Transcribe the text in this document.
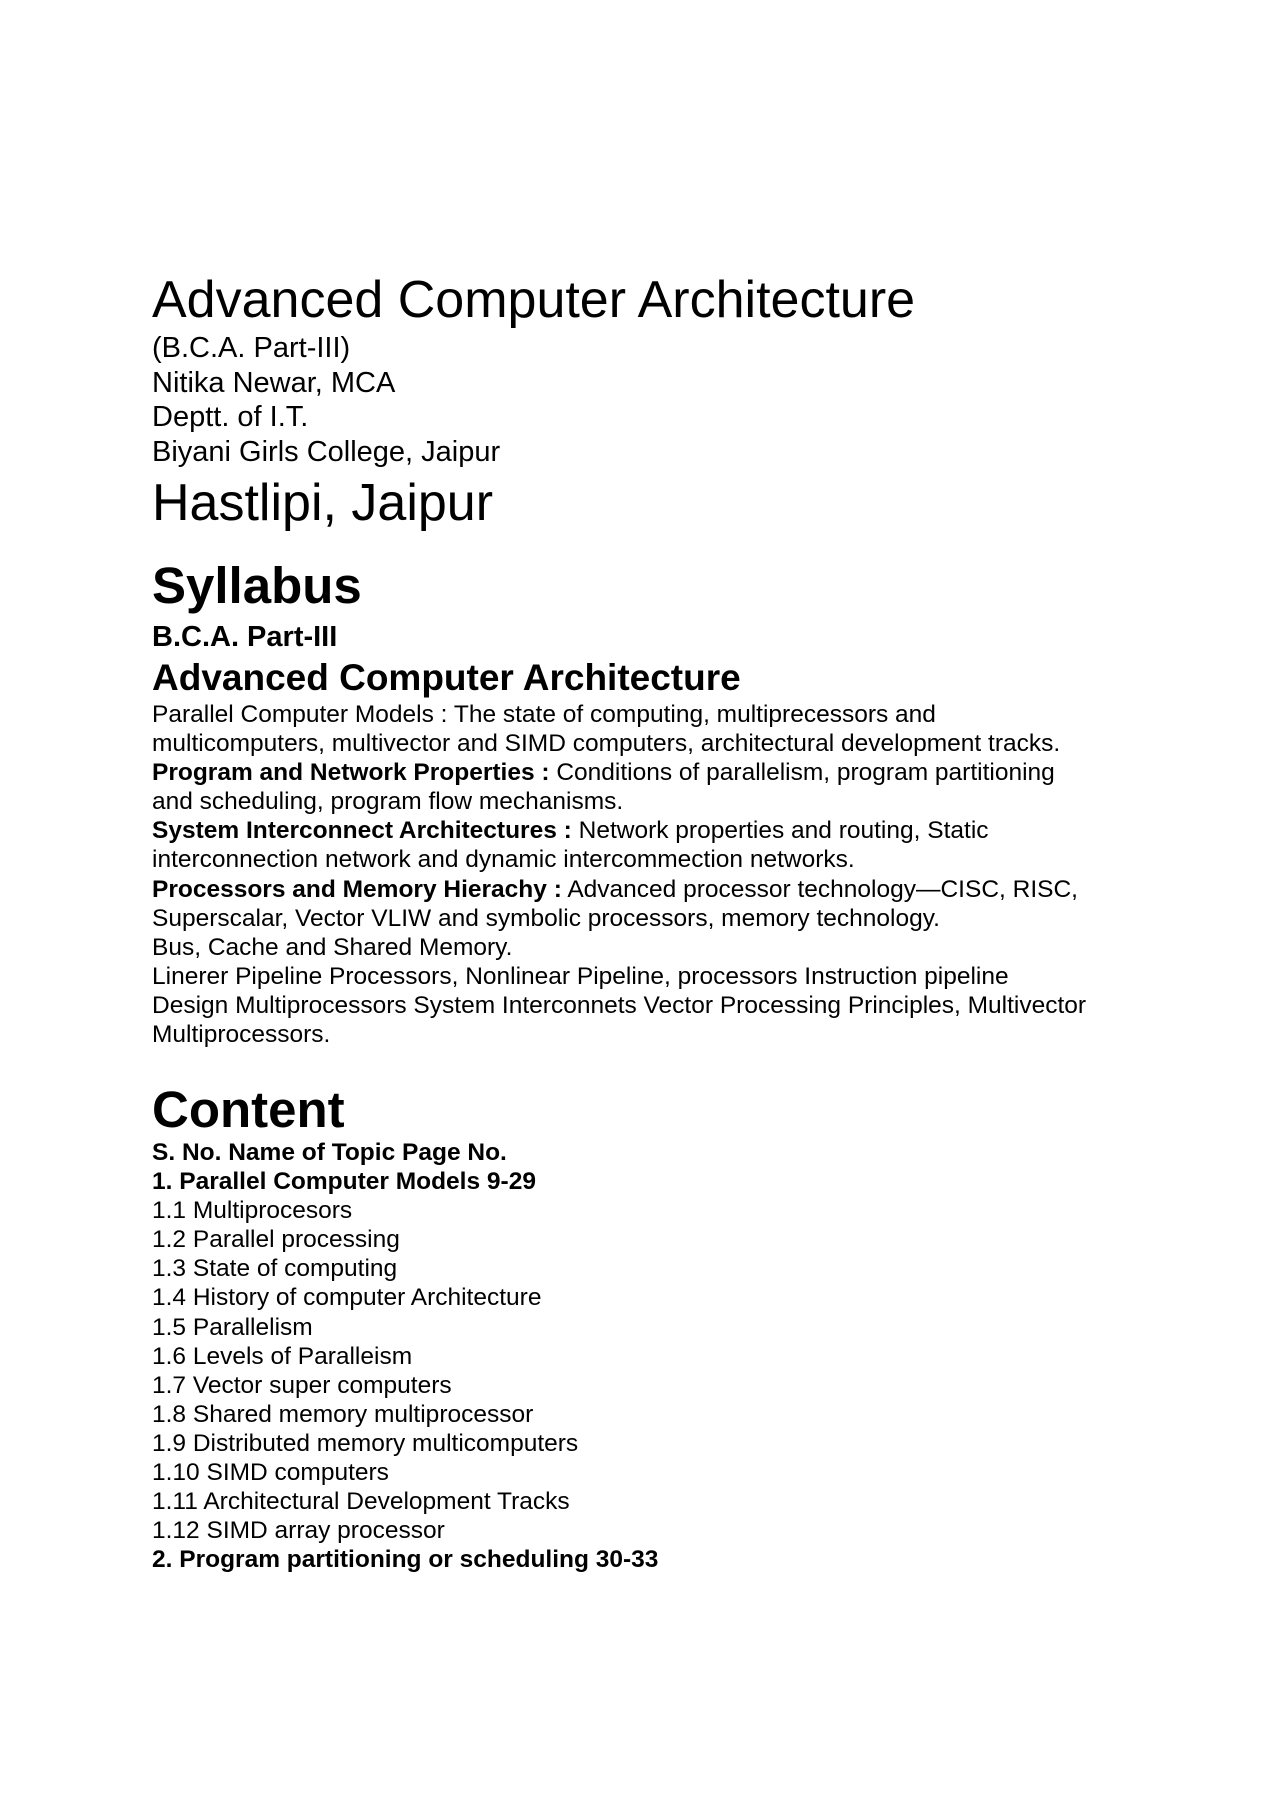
Advanced Computer Architecture
(B.C.A. Part-III)
Nitika Newar, MCA
Deptt. of I.T.
Biyani Girls College, Jaipur
Hastlipi, Jaipur
Syllabus
B.C.A. Part-III
Advanced Computer Architecture
Parallel Computer Models : The state of computing, multiprecessors and
multicomputers, multivector and SIMD computers, architectural development tracks.
Program and Network Properties : Conditions of parallelism, program partitioning
and scheduling, program flow mechanisms.
System Interconnect Architectures : Network properties and routing, Static
interconnection network and dynamic intercommection networks.
Processors and Memory Hierachy : Advanced processor technology—CISC, RISC,
Superscalar, Vector VLIW and symbolic processors, memory technology.
Bus, Cache and Shared Memory.
Linerer Pipeline Processors, Nonlinear Pipeline, processors Instruction pipeline
Design Multiprocessors System Interconnets Vector Processing Principles, Multivector
Multiprocessors.
Content
S. No. Name of Topic Page No.
1. Parallel Computer Models 9-29
1.1 Multiprocesors
1.2 Parallel processing
1.3 State of computing
1.4 History of computer Architecture
1.5 Parallelism
1.6 Levels of Paralleism
1.7 Vector super computers
1.8 Shared memory multiprocessor
1.9 Distributed memory multicomputers
1.10 SIMD computers
1.11 Architectural Development Tracks
1.12 SIMD array processor
2. Program partitioning or scheduling 30-33
